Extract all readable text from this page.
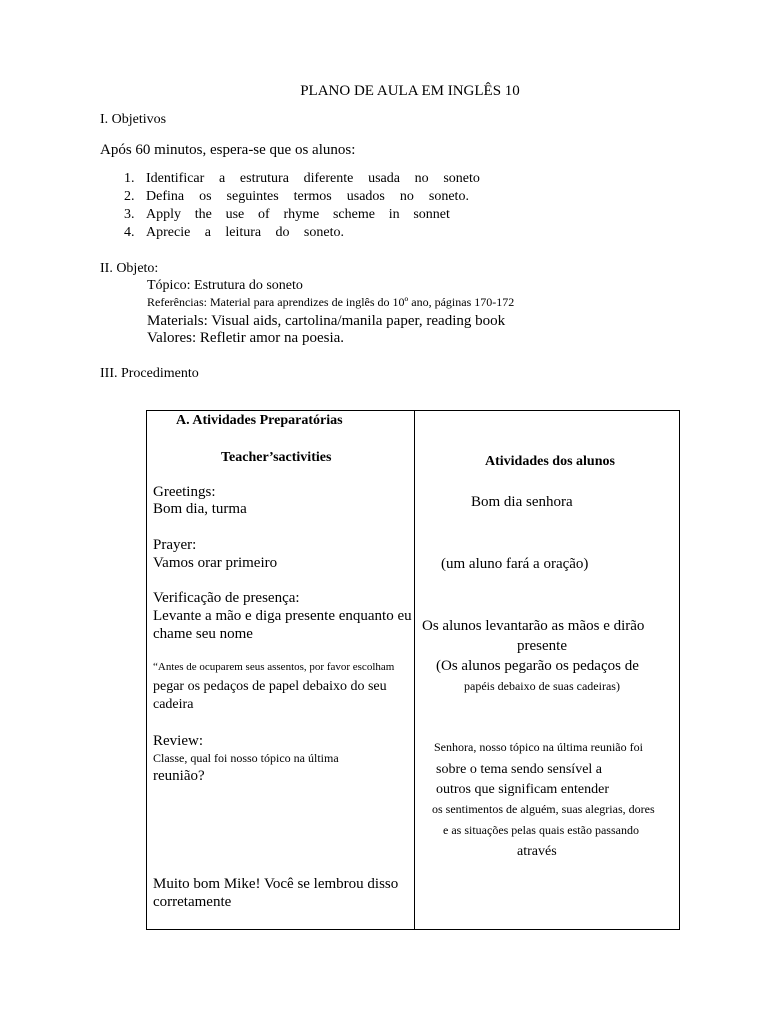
PLANO DE AULA EM INGLÊS 10
I. Objetivos
Após 60 minutos, espera-se que os alunos:
1. Identificar a estrutura diferente usada no soneto
2. Defina os seguintes termos usados no soneto.
3. Apply the use of rhyme scheme in sonnet
4. Aprecie a leitura do soneto.
II. Objeto:
Tópico: Estrutura do soneto
Referências: Material para aprendizes de inglês do 10º ano, páginas 170-172
Materials: Visual aids, cartolina/manila paper, reading book
Valores: Refletir amor na poesia.
III. Procedimento
A. Atividades Preparatórias
Teacher’sactivities	Atividades dos alunos
Greetings:
Bom dia, turma
Prayer:
Vamos orar primeiro
Verificação de presença:
Levante a mão e diga presente enquanto eu
chame seu nome
“Antes de ocuparem seus assentos, por favor escolham
pegar os pedaços de papel debaixo do seu
cadeira
Review:
Classe, qual foi nosso tópico na última
reunião?
Muito bom Mike! Você se lembrou disso
corretamente
Bom dia senhora
(um aluno fará a oração)
Os alunos levantarão as mãos e dirão
presente
(Os alunos pegarão os pedaços de
papéis debaixo de suas cadeiras)
Senhora, nosso tópico na última reunião foi
sobre o tema sendo sensível a
outros que significam entender
os sentimentos de alguém, suas alegrias, dores
e as situações pelas quais estão passando
através
